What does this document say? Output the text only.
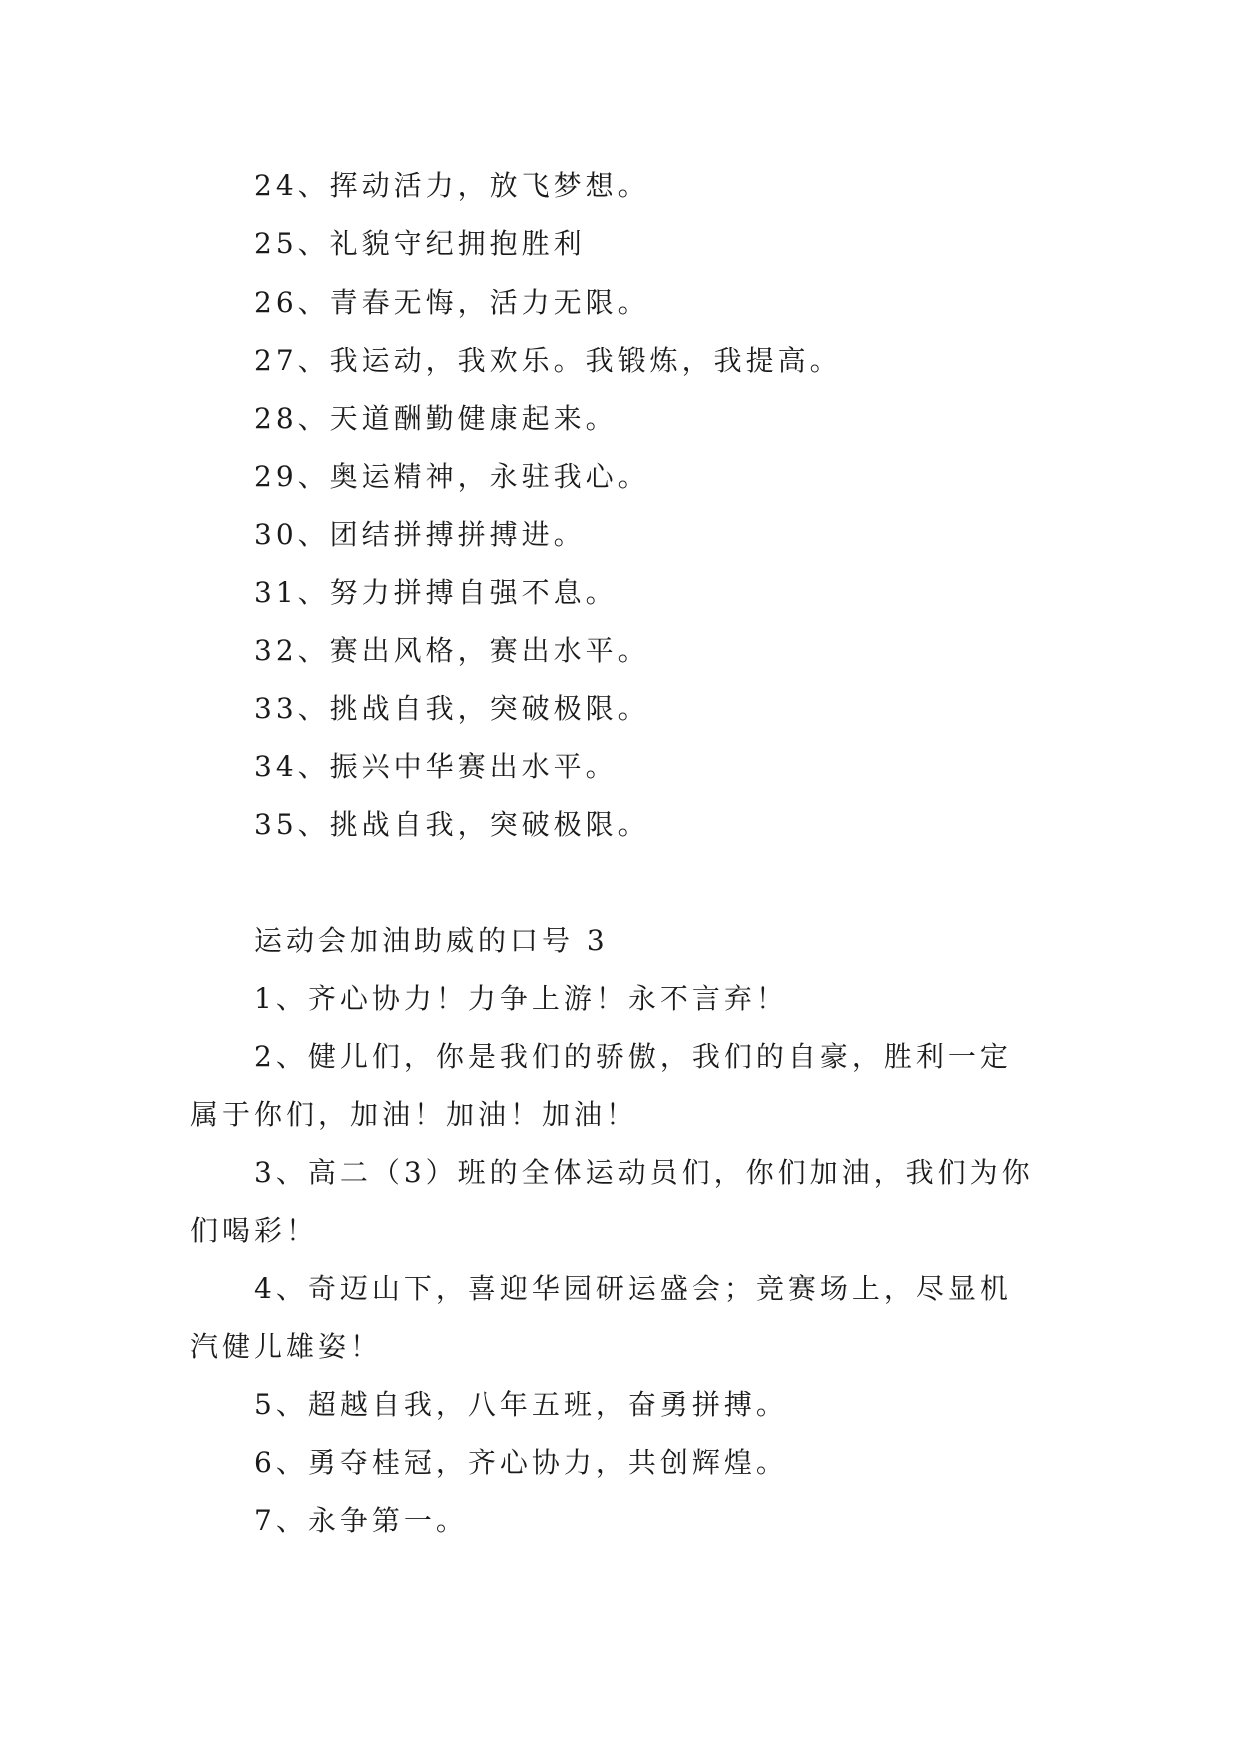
24、挥动活力，放飞梦想。
25、礼貌守纪拥抱胜利
26、青春无悔，活力无限。
27、我运动，我欢乐。我锻炼，我提高。
28、天道酬勤健康起来。
29、奥运精神，永驻我心。
30、团结拼搏拼搏进。
31、努力拼搏自强不息。
32、赛出风格，赛出水平。
33、挑战自我，突破极限。
34、振兴中华赛出水平。
35、挑战自我，突破极限。
运动会加油助威的口号 3
1、齐心协力！力争上游！永不言弃！
2、健儿们，你是我们的骄傲，我们的自豪，胜利一定
属于你们，加油！加油！加油！
3、高二（3）班的全体运动员们，你们加油，我们为你
们喝彩！
4、奇迈山下，喜迎华园研运盛会；竞赛场上，尽显机
汽健儿雄姿！
5、超越自我，八年五班，奋勇拼搏。
6、勇夺桂冠，齐心协力，共创辉煌。
7、永争第一。
